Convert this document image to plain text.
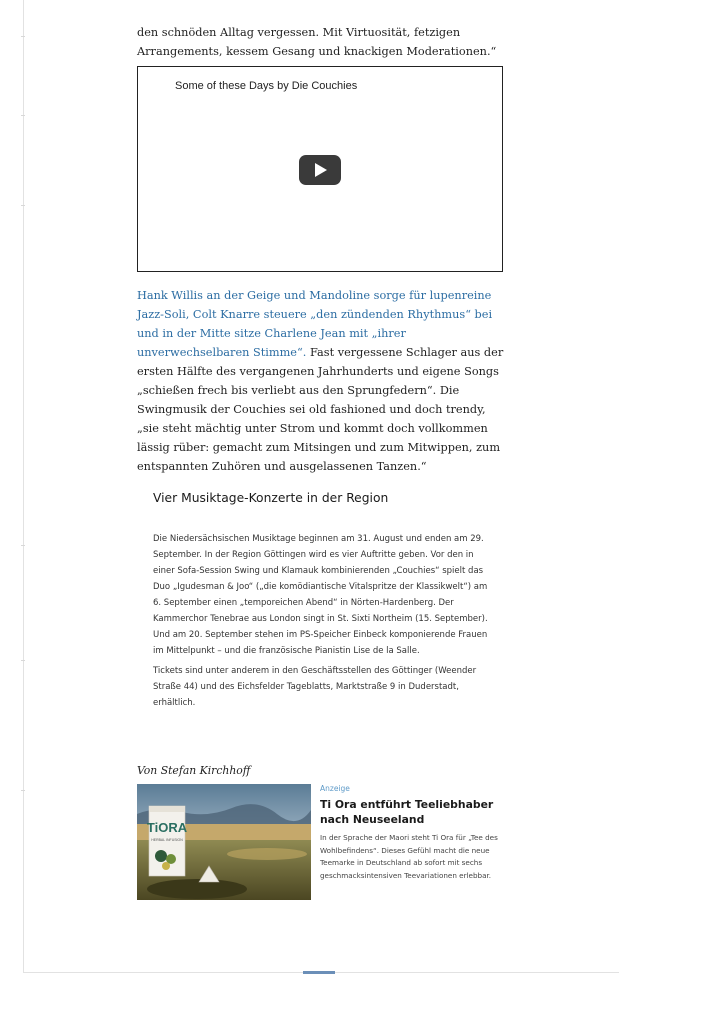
den schnöden Alltag vergessen. Mit Virtuosität, fetzigen Arrangements, kessem Gesang und knackigen Moderationen.“

Some of these Days by Die Couchies

Hank Willis an der Geige und Mandoline sorge für lupenreine Jazz-Soli, Colt Knarre steuere „den zündenden Rhythmus“ bei und in der Mitte sitze Charlene Jean mit „ihrer unverwechselbaren Stimme“. Fast vergessene Schlager aus der ersten Hälfte des vergangenen Jahrhunderts und eigene Songs „schießen frech bis verliebt aus den Sprungfedern“. Die Swingmusik der Couchies sei old fashioned und doch trendy, „sie steht mächtig unter Strom und kommt doch vollkommen lässig rüber: gemacht zum Mitsingen und zum Mitwippen, zum entspannten Zuhören und ausgelassenen Tanzen.“

Vier Musiktage-Konzerte in der Region

Die Niedersächsischen Musiktage beginnen am 31. August und enden am 29. September. In der Region Göttingen wird es vier Auftritte geben. Vor den in einer Sofa-Session Swing und Klamauk kombinierenden „Couchies“ spielt das Duo „Igudesman & Joo“ („die komödiantische Vitalspritze der Klassikwelt“) am 6. September einen „temporeichen Abend“ in Nörten-Hardenberg. Der Kammerchor Tenebrae aus London singt in St. Sixti Northeim (15. September). Und am 20. September stehen im PS-Speicher Einbeck komponierende Frauen im Mittelpunkt – und die französische Pianistin Lise de la Salle.

Tickets sind unter anderem in den Geschäftsstellen des Göttinger (Weender Straße 44) und des Eichsfelder Tageblatts, Marktstraße 9 in Duderstadt, erhältlich.

Von Stefan Kirchhoff
TiORA
HERBAL INFUSION
Anzeige
Ti Ora entführt Teeliebhaber nach Neuseeland
In der Sprache der Maori steht Ti Ora für „Tee des Wohlbefindens“. Dieses Gefühl macht die neue Teemarke in Deutschland ab sofort mit sechs geschmacksintensiven Teevariationen erlebbar.
